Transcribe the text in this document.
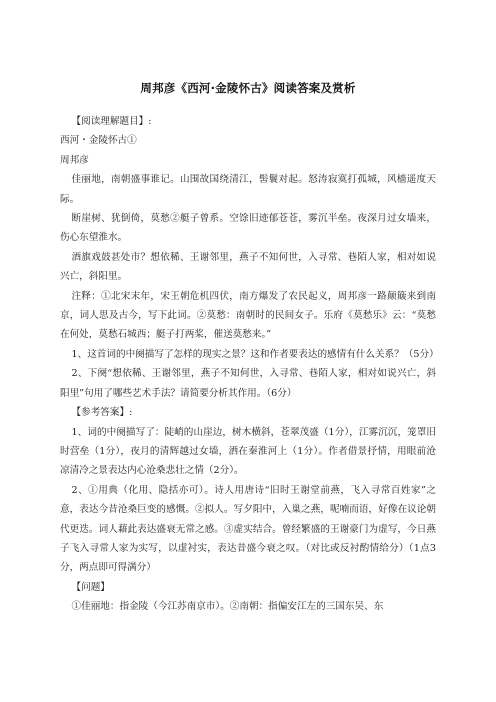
周邦彦《西河·金陵怀古》阅读答案及赏析

【阅读理解题目】:

西河・金陵怀古①

周邦彦

佳丽地，南朝盛事谁记。山围故国绕清江，髻鬟对起。怒涛寂寞打孤城，风樯遥度天际。

断崖树、犹倒倚，莫愁②艇子曾系。空馀旧迹郁苍苍，雾沉半垒。夜深月过女墙来，伤心东望淮水。

酒旗戏鼓甚处市？想依稀、王谢邻里，燕子不知何世，入寻常、巷陌人家，相对如说兴亡，斜阳里。

注释：①北宋末年，宋王朝危机四伏，南方爆发了农民起义，周邦彦一路颠簸来到南京，词人思及古今，写下此词。②莫愁：南朝时的民间女子。乐府《莫愁乐》云：“莫愁在何处，莫愁石城西；艇子打两桨，催送莫愁来。”

1、这首词的中阕描写了怎样的现实之景？这和作者要表达的感情有什么关系？（5分）

2、下阕“想依稀、王谢邻里，燕子不知何世，入寻常、巷陌人家，相对如说兴亡，斜阳里”句用了哪些艺术手法？请简要分析其作用。（6分）

【参考答案】:

1、词的中阕描写了：陡峭的山崖边，树木横斜，苍翠茂盛（1分），江雾沉沉，笼罩旧时营垒（1分），夜月的清辉越过女墙，洒在秦淮河上（1分）。作者借景抒情，用眼前沧凉清冷之景表达内心沧桑悲壮之情（2分）。

2、①用典（化用、隐括亦可）。诗人用唐诗“旧时王谢堂前燕，飞入寻常百姓家”之意，表达今昔沧桑巨变的感慨。②拟人。写夕阳中，入巢之燕，呢喃而语，好像在议论朝代更迭。词人藉此表达盛衰无常之感。③虚实结合。曾经繁盛的王谢豪门为虚写，今日燕子飞入寻常人家为实写，以虚衬实，表达昔盛今衰之叹。（对比或反衬酌情给分）（1点3分，两点即可得满分）

【问题】

①佳丽地：指金陵（今江苏南京市）。②南朝：指偏安江左的三国东吴、东
